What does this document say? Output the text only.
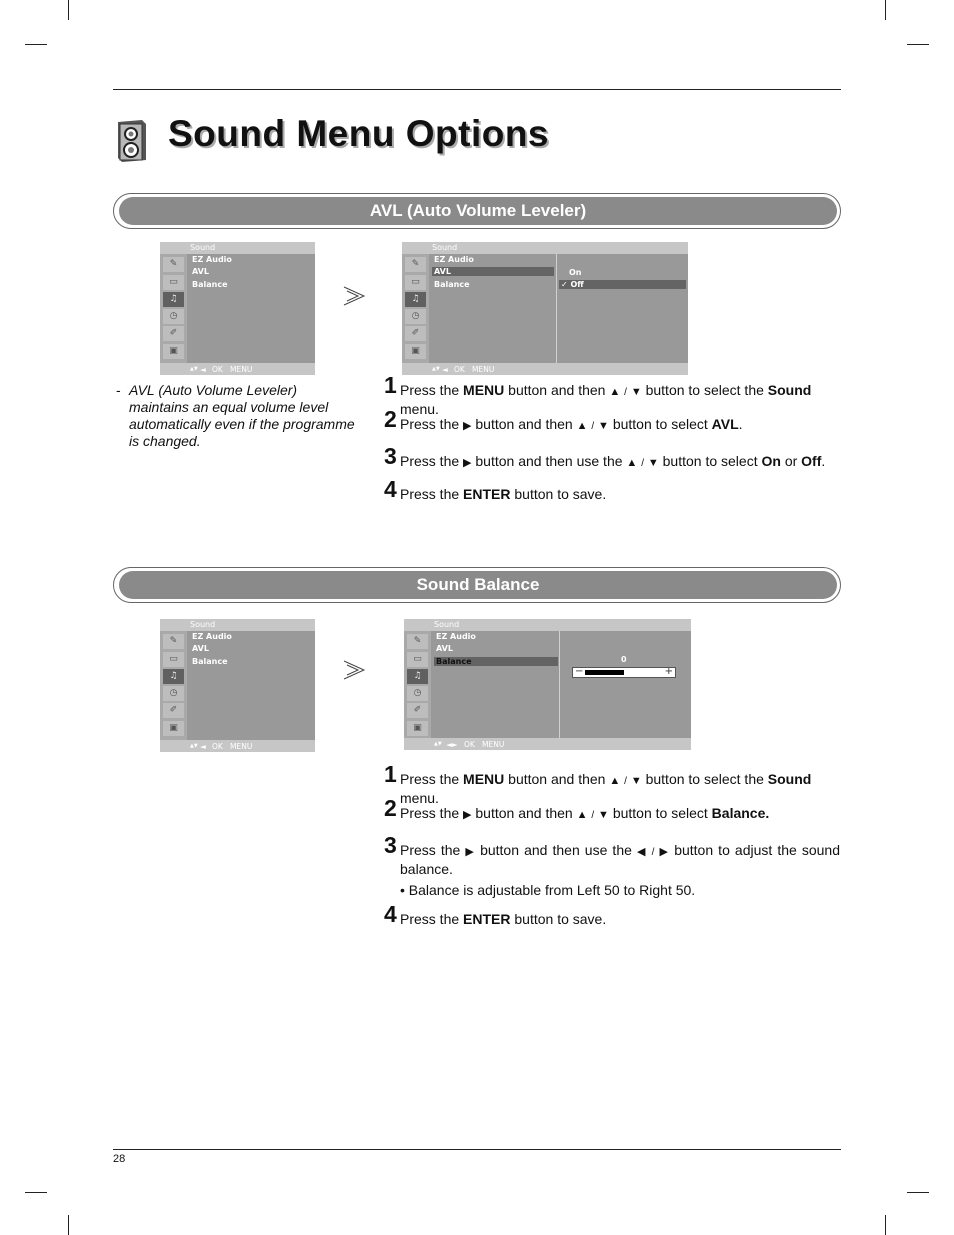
Sound Menu Options
AVL (Auto Volume Leveler)
Sound
✎
▭
♫
◷
✐
▣
EZ Audio
AVL
Balance
▲▼ ◄ OK MENU
Sound
✎
▭
♫
◷
✐
▣
EZ Audio
AVL
Balance
On
✓ Off
▲▼ ◄ OK MENU
- AVL (Auto Volume Leveler) maintains an equal volume level automatically even if the programme is changed.
1 Press the MENU button and then ▲ / ▼ button to select the Sound menu.
2 Press the ▶ button and then ▲ / ▼ button to select AVL.
3 Press the ▶ button and then use the ▲ / ▼ button to select On or Off.
4 Press the ENTER button to save.
Sound Balance
Sound
✎
▭
♫
◷
✐
▣
EZ Audio
AVL
Balance
▲▼ ◄ OK MENU
Sound
✎
▭
♫
◷
✐
▣
EZ Audio
AVL
Balance	0
−	+
▲▼ ◄► OK MENU
1 Press the MENU button and then ▲ / ▼ button to select the Sound menu.
2 Press the ▶ button and then ▲ / ▼ button to select Balance.
3 Press the ▶ button and then use the ◀ / ▶ button to adjust the sound balance.
• Balance is adjustable from Left 50 to Right 50.
4 Press the ENTER button to save.
28
